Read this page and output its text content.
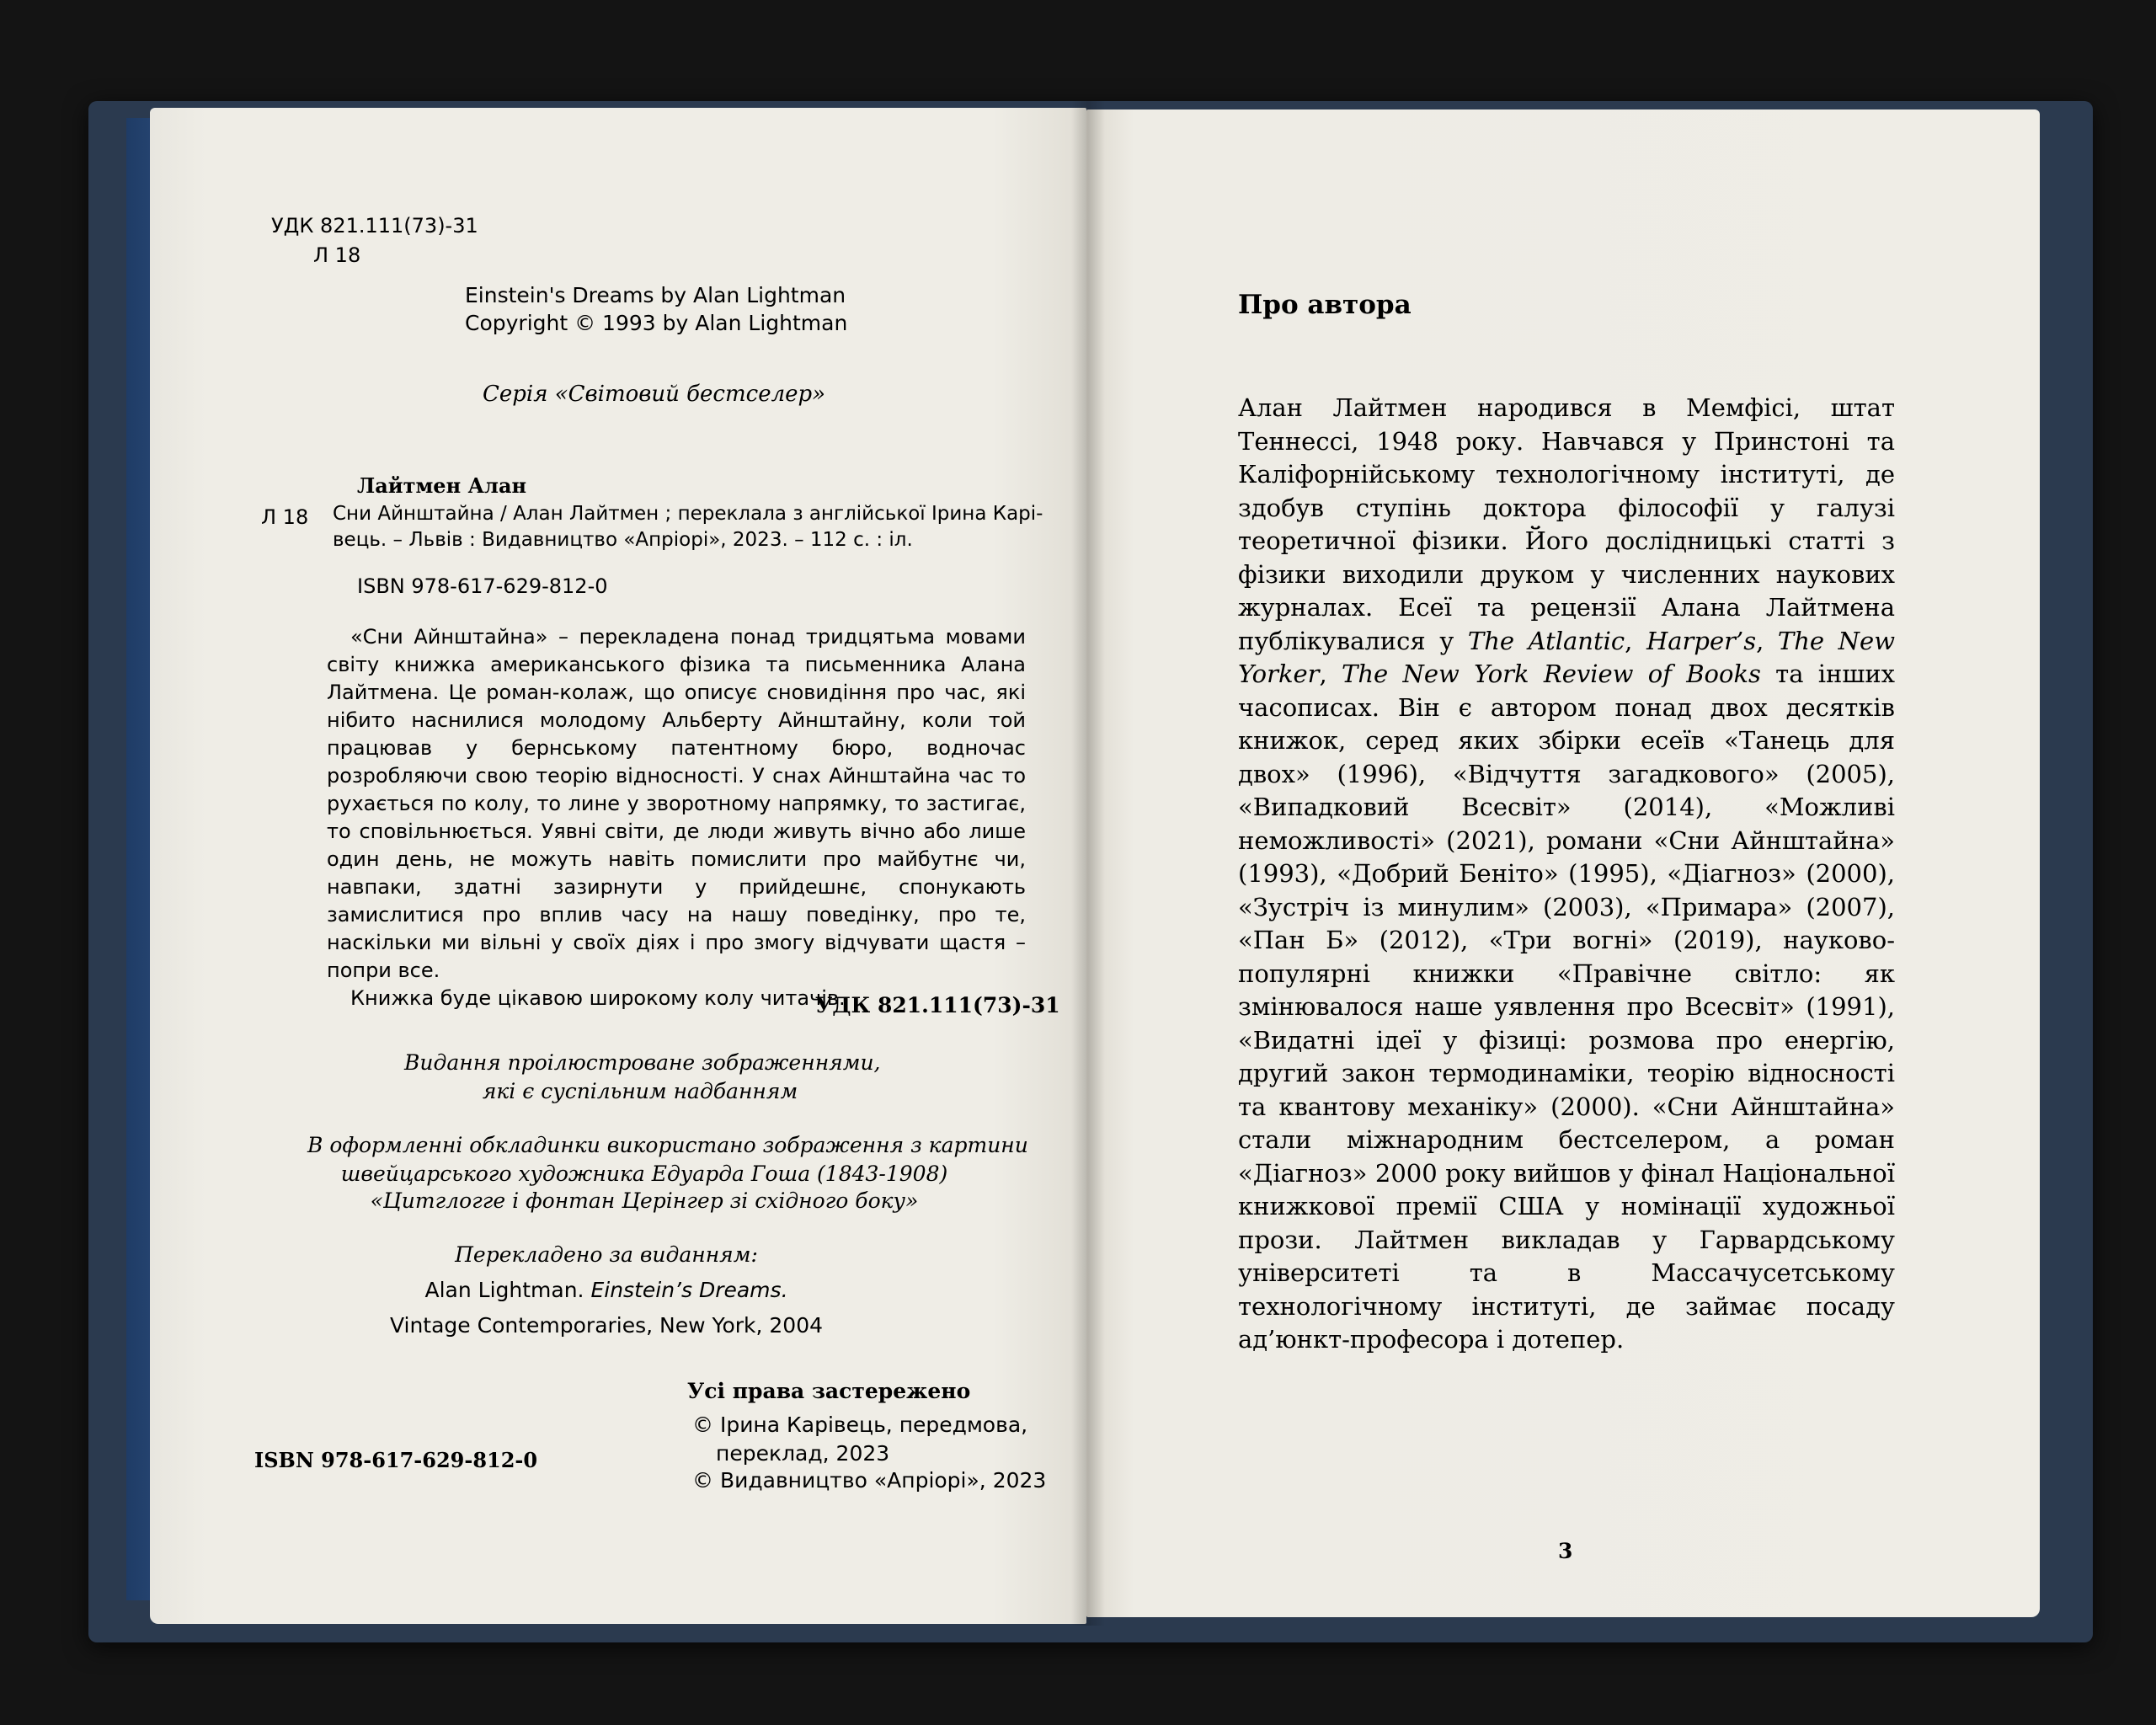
УДК 821.111(73)-31
Л 18
Einstein's Dreams by Alan Lightman
Copyright © 1993 by Alan Lightman
Серія «Світовий бестселер»
Лайтмен Алан
Л 18 Сни Айнштайна / Алан Лайтмен ; переклала з англійської Ірина Карі-
вець. – Львів : Видавництво «Апріорі», 2023. – 112 с. : іл.
ISBN 978-617-629-812-0

«Сни Айнштайна» – перекладена понад тридцятьма мовами світу книжка американського фізика та письменника Алана Лайтмена. Це роман-колаж, що описує сновидіння про час, які нібито наснилися молодому Альберту Айнштайну, коли той працював у бернському патентному бюро, водночас розробляючи свою теорію відносності. У снах Айнштайна час то рухається по колу, то лине у зворотному напрямку, то застигає, то сповільнюється. Уявні світи, де люди живуть вічно або лише один день, не можуть навіть помислити про майбутнє чи, навпаки, здатні зазирнути у прийдешнє, спонукають замислитися про вплив часу на нашу поведінку, про те, наскільки ми вільні у своїх діях і про змогу відчувати щастя – попри все.

Книжка буде цікавою широкому колу читачів.

УДК 821.111(73)-31
Видання проілюстроване зображеннями,
які є суспільним надбанням
В оформленні обкладинки використано зображення з картини
швейцарського художника Едуарда Гоша (1843-1908)
«Цитглогге і фонтан Церінгер зі східного боку»
Перекладено за виданням:
Alan Lightman. Einstein’s Dreams.
Vintage Contemporaries, New York, 2004
Усі права застережено
© Ірина Карівець, передмова,
переклад, 2023
© Видавництво «Апріорі», 2023
ISBN 978-617-629-812-0
Про автора
Алан Лайтмен народився в Мемфісі, штат Теннессі, 1948 року. Навчався у Принстоні та Каліфорнійському технологічному інституті, де здобув ступінь доктора філософії у галузі теоретичної фізики. Його дослідницькі статті з фізики виходили друком у численних наукових журналах. Есеї та рецензії Алана Лайтмена публікувалися у The Atlantic, Harper’s, The New Yorker, The New York Review of Books та інших часописах. Він є автором понад двох десятків книжок, серед яких збірки есеїв «Танець для двох» (1996), «Відчуття загадкового» (2005), «Випадковий Всесвіт» (2014), «Можливі неможливості» (2021), романи «Сни Айнштайна» (1993), «Добрий Беніто» (1995), «Діагноз» (2000), «Зустріч із минулим» (2003), «Примара» (2007), «Пан Б» (2012), «Три вогні» (2019), науково-популярні книжки «Правічне світло: як змінювалося наше уявлення про Всесвіт» (1991), «Видатні ідеї у фізиці: розмова про енергію, другий закон термодинаміки, теорію відносності та квантову механіку» (2000). «Сни Айнштайна» стали міжнародним бестселером, а роман «Діагноз» 2000 року вийшов у фінал Національної книжкової премії США у номінації художньої прози. Лайтмен викладав у Гарвардському університеті та в Массачусетському технологічному інституті, де займає посаду ад’юнкт-професора і дотепер.
3
